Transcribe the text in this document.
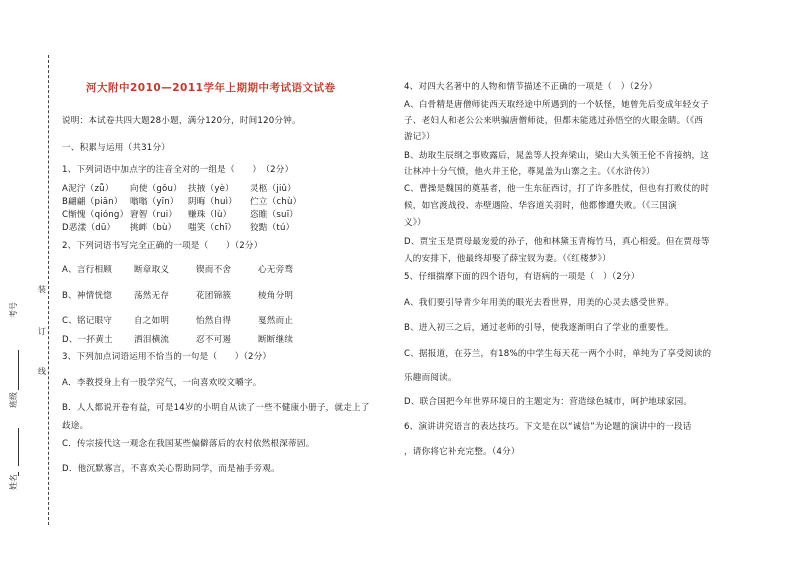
装
订
线
考号
班级
姓名
河大附中2010—2011学年上期期中考试语文试卷
说明：本试卷共四大题28小题，满分120分，时间120分钟。
一、积累与运用（共31分）
1、下列词语中加点字的注音全对的一组是（　　）　（2分）
A泥泞（zǖ） 向使（gǒu） 扶掖（yè） 灵柩（jiǔ）
B翩翩（piān） 嗡嗡（yīn） 阴晦（huì） 伫立（chù）
C惭愧（qióng） 窘智（rui） 赚珠（lù） 恣睢（suī）
D恶漾（dū） 挑衅（bù） 嗤笑（chī） 狡黠（tú）
2、下列词语书写完全正确的一项是（　　）（2分）
A、言行相顾	断章取义	锲而不舍	心无旁骛
B、神情恍惚	荡然无存	花团锦簇	棱角分明
C、铭记眼守	自之如明	怡然自得	戛然而止
D、一抔黄土 洒泪横流	忍不可遏	断断继续
3、下列加点词语运用不恰当的一句是（　　）（2分）
A．李教授身上有一股学究气，一向喜欢咬文嚼字。
B．人人都说开卷有益，可是14岁的小明自从读了一些不健康小册子，就走上了
歧途。
C．传宗接代这一观念在我国某些偏僻落后的农村依然根深蒂固。
D．他沉默寡言，不喜欢关心帮助同学，而是袖手旁观。
4、对四大名著中的人物和情节描述不正确的一项是（　）（2分）
A、白骨精是唐僧师徒西天取经途中所遇到的一个妖怪，她曾先后变成年轻女子
子、老妇人和老公公来哄骗唐僧师徒，但都未能逃过孙悟空的火眼金睛。（《西
游记》）
B、劫取生辰纲之事败露后，晁盖等人投奔梁山，梁山大头领王伦不肯接纳，这
让林冲十分气愤，他火并王伦，尊晁盖为山寨之主。（《水浒传》）
C、曹操是魏国的奠基者，他一生东征西讨，打了许多胜仗，但也有打败仗的时
候，如官渡战役、赤壁遇险、华容道关羽时，他都惨遭失败。（《三国演
义》）
D、贾宝玉是贾母最宠爱的孙子，他和林黛玉青梅竹马，真心相爱。但在贾母等
人的安排下，他最终却娶了薛宝钗为妻。（《红楼梦》）
5、仔细揣摩下面的四个语句，有语病的一项是（　）（2分）
A、我们要引导青少年用美的眼光去看世界，用美的心灵去感受世界。
B、进入初三之后，通过老师的引导，使我逐渐明白了学业的重要性。
C、据报道，在芬兰，有18%的中学生每天花一两个小时，单纯为了享受阅读的
乐趣而阅读。
D、联合国把今年世界环境日的主题定为：营造绿色城市，呵护地球家园。
6、演讲讲究语言的表达技巧。下文是在以“诚信”为论题的演讲中的一段话
，请你将它补充完整。（4分）
